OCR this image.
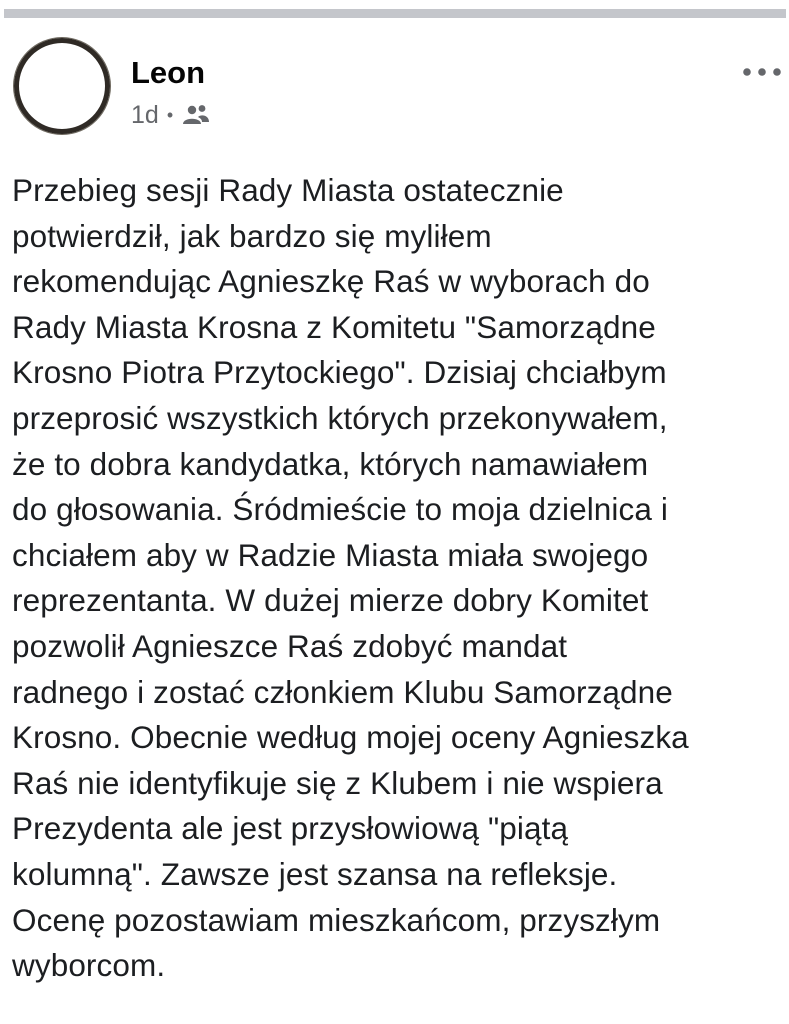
Leon
1d •
Przebieg sesji Rady Miasta ostatecznie
potwierdził, jak bardzo się myliłem
rekomendując Agnieszkę Raś w wyborach do
Rady Miasta Krosna z Komitetu "Samorządne
Krosno Piotra Przytockiego". Dzisiaj chciałbym
przeprosić wszystkich których przekonywałem,
że to dobra kandydatka, których namawiałem
do głosowania. Śródmieście to moja dzielnica i
chciałem aby w Radzie Miasta miała swojego
reprezentanta. W dużej mierze dobry Komitet
pozwolił Agnieszce Raś zdobyć mandat
radnego i zostać członkiem Klubu Samorządne
Krosno. Obecnie według mojej oceny Agnieszka
Raś nie identyfikuje się z Klubem i nie wspiera
Prezydenta ale jest przysłowiową "piątą
kolumną". Zawsze jest szansa na refleksje.
Ocenę pozostawiam mieszkańcom, przyszłym
wyborcom.
